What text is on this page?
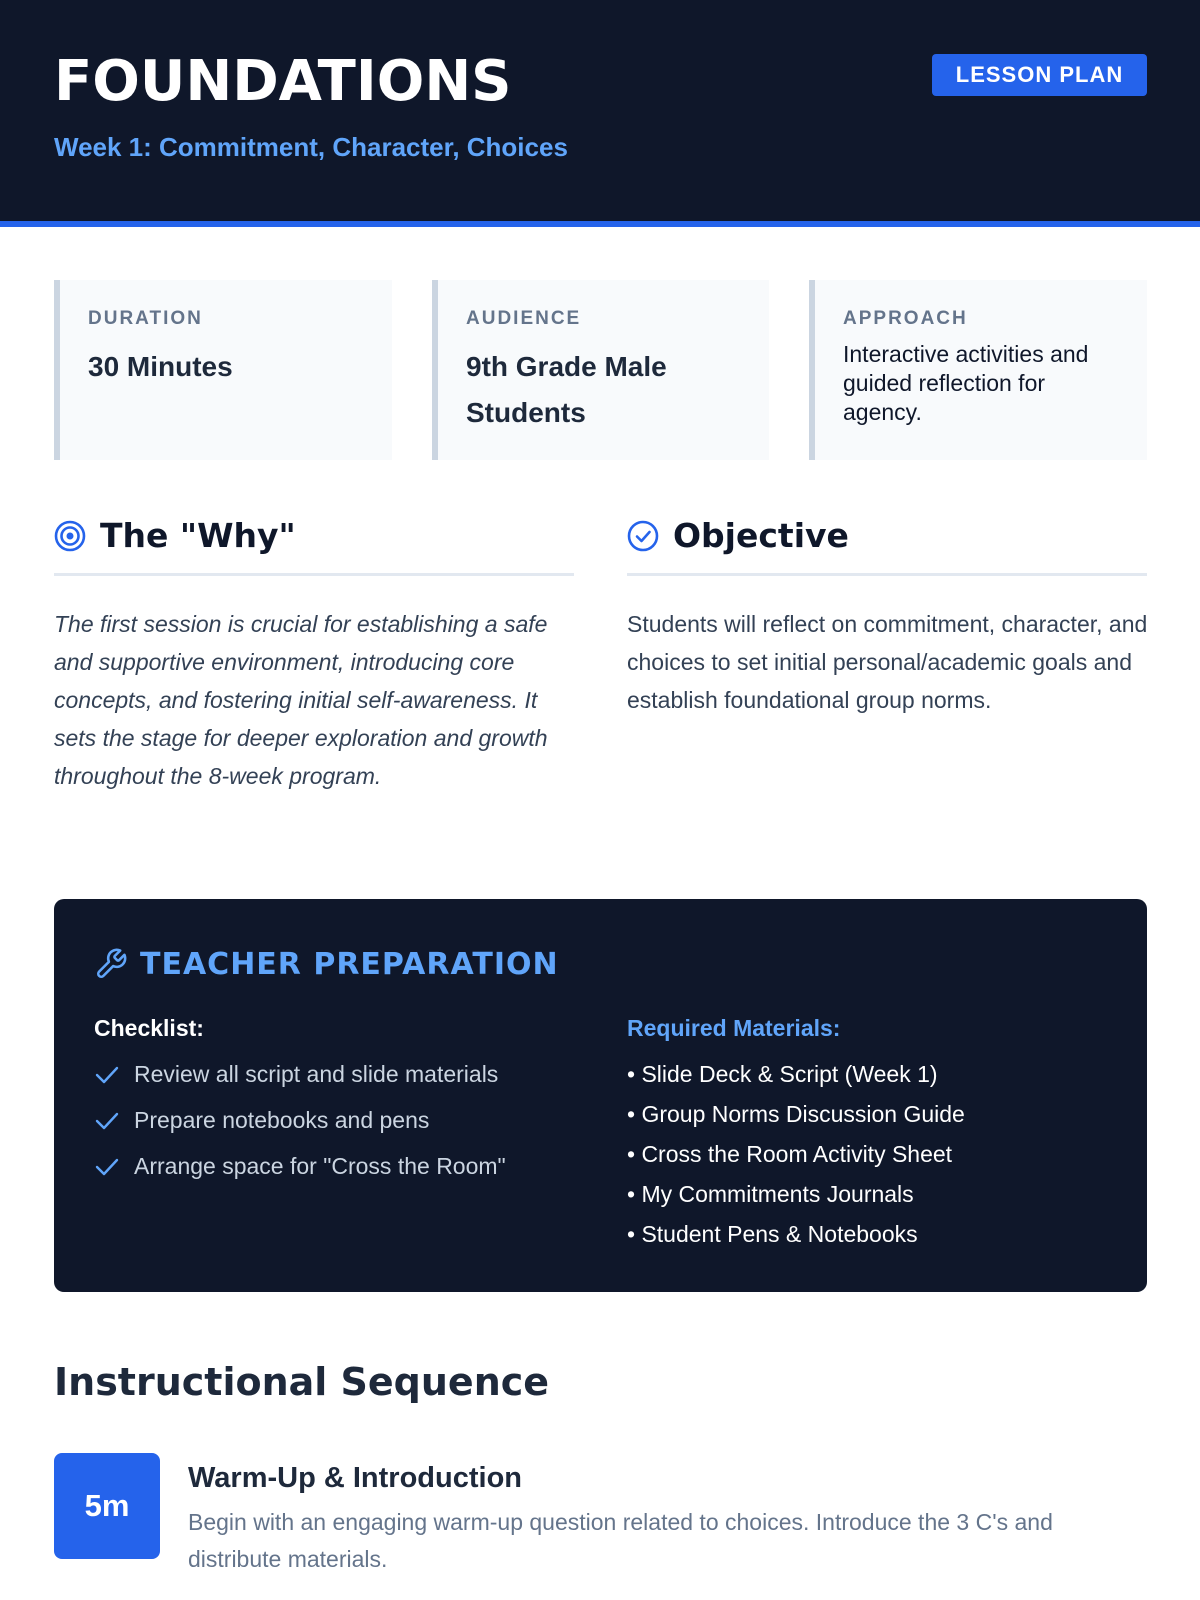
FOUNDATIONS
Week 1: Commitment, Character, Choices
LESSON PLAN
DURATION
30 Minutes
AUDIENCE
9th Grade Male Students
APPROACH
Interactive activities and guided reflection for agency.
The "Why"
The first session is crucial for establishing a safe and supportive environment, introducing core concepts, and fostering initial self-awareness. It sets the stage for deeper exploration and growth throughout the 8-week program.
Objective
Students will reflect on commitment, character, and choices to set initial personal/academic goals and establish foundational group norms.
TEACHER PREPARATION
Checklist:
Review all script and slide materials
Prepare notebooks and pens
Arrange space for "Cross the Room"
Required Materials:
• Slide Deck & Script (Week 1)
• Group Norms Discussion Guide
• Cross the Room Activity Sheet
• My Commitments Journals
• Student Pens & Notebooks
Instructional Sequence
5m
Warm-Up & Introduction
Begin with an engaging warm-up question related to choices. Introduce the 3 C's and distribute materials.
